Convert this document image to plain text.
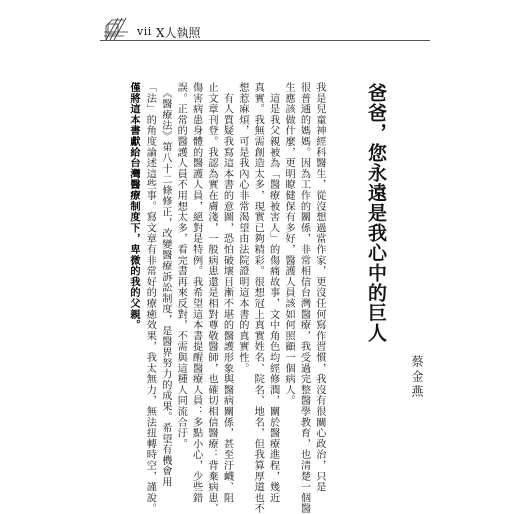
vii X人執照
爸爸，您永遠是我心中的巨人
蔡金燕
我是兒童神經科醫生，從沒想過當作家，更沒任何寫作習慣，我沒有很關心政治，只是
很普通的媽媽。因為工作的關係，非常相信台灣醫療，我受過完整醫學教育，也清楚一個醫
生應該做什麼，更明瞭健保有多好，醫護人員該如何照顧一個病人。
　這是我父親被為「醫療被害人」的傷痛故事，文中角色均經修潤，關於醫療進程，幾近
真實。我無需創造太多，現實已夠精彩。很想冠上真實姓名、院名、地名，但我算厚道也不
想惹麻煩，可是我內心非常渴望由法院證明這本書的真實性。
　有人質疑我寫這本書的意圖，恐怕破壞目漸不堪的醫護形象與醫病關係，甚至汙衊、阻
止文章刊登。我認為實在膚淺，一般病患還是相對尊敬醫師，也確切相信醫療：背棄病患、
傷害病患身體的醫護人員，絕對是特例。我希望這本書提醒醫療人員：多點小心，少些錯
誤。正常的醫護人員不用想太多，看完書再來反對，不需與這種人同流合汙。
　《醫療法》第八十二條修正，改變醫療訴訟制度，是醫界努力的成果。希望有機會用
「法」的角度論述這些事。寫文章有非常好的療癒效果，我太無力，無法扭轉時空，謹說。
僅將這本書獻給台灣醫療制度下，卑微的我的父親。
